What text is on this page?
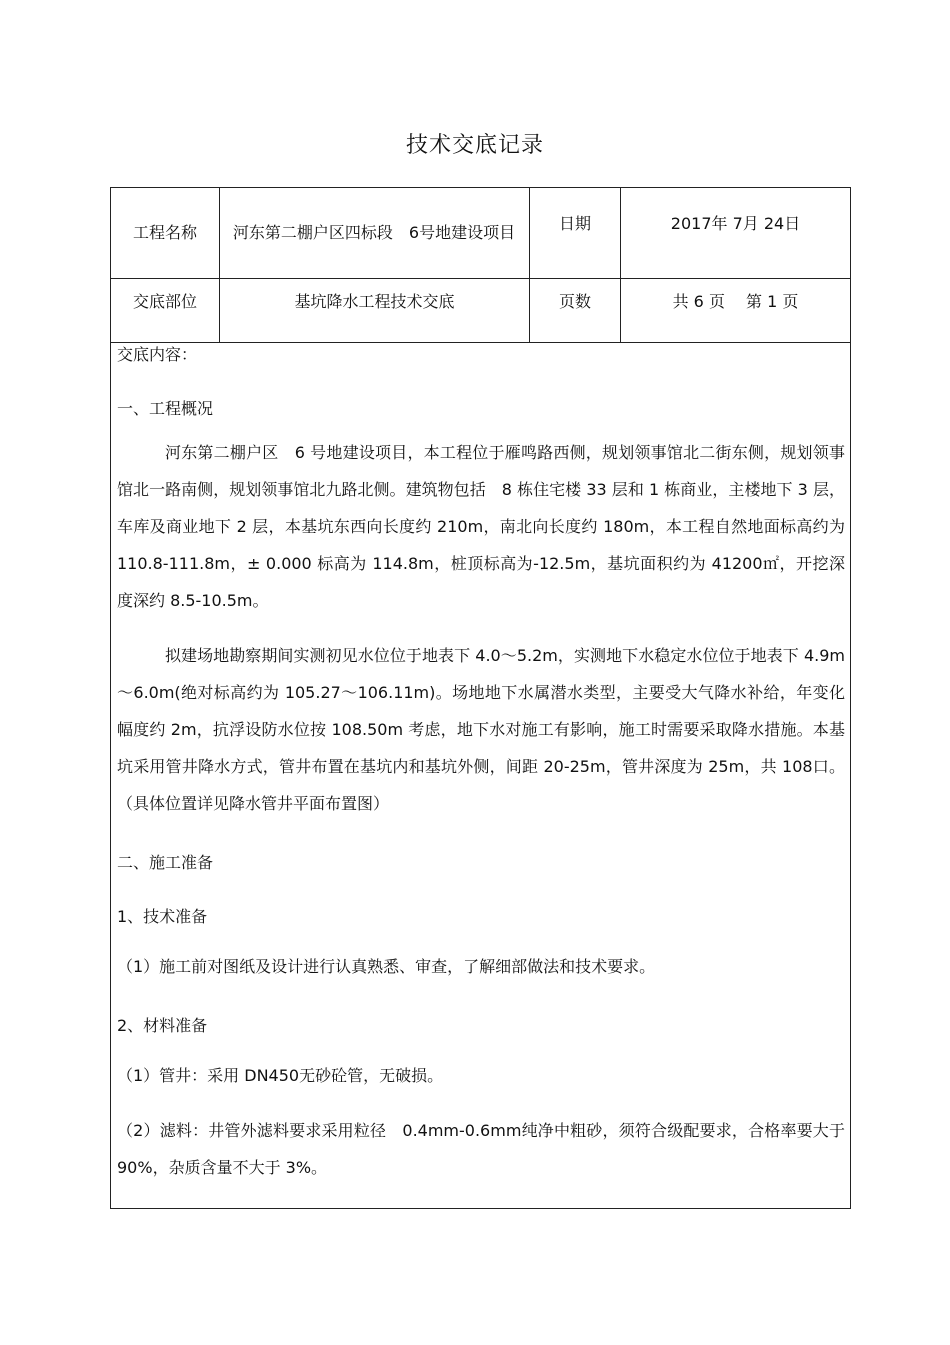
技术交底记录
工程名称	河东第二棚户区四标段　6号地建设项目	日期	2017年 7月 24日
交底部位	基坑降水工程技术交底	页数	共 6 页　 第 1 页

交底内容：

一、工程概况

河东第二棚户区　6 号地建设项目，本工程位于雁鸣路西侧，规划领事馆北二街东侧，规划领事馆北一路南侧，规划领事馆北九路北侧。建筑物包括　8 栋住宅楼 33 层和 1 栋商业，主楼地下 3 层，车库及商业地下 2 层，本基坑东西向长度约 210m，南北向长度约 180m，本工程自然地面标高约为 110.8-111.8m，± 0.000 标高为 114.8m，桩顶标高为-12.5m，基坑面积约为 41200㎡，开挖深度深约 8.5-10.5m。

拟建场地勘察期间实测初见水位位于地表下 4.0～5.2m，实测地下水稳定水位位于地表下 4.9m～6.0m(绝对标高约为 105.27～106.11m)。场地地下水属潜水类型，主要受大气降水补给，年变化幅度约 2m，抗浮设防水位按 108.50m 考虑，地下水对施工有影响，施工时需要采取降水措施。本基坑采用管井降水方式，管井布置在基坑内和基坑外侧，间距 20-25m，管井深度为 25m，共 108口。（具体位置详见降水管井平面布置图）

二、施工准备

1、技术准备

（1）施工前对图纸及设计进行认真熟悉、审查，了解细部做法和技术要求。

2、材料准备

（1）管井：采用 DN450无砂砼管，无破损。

（2）滤料：井管外滤料要求采用粒径　0.4mm-0.6mm纯净中粗砂，须符合级配要求，合格率要大于 90%，杂质含量不大于 3%。
